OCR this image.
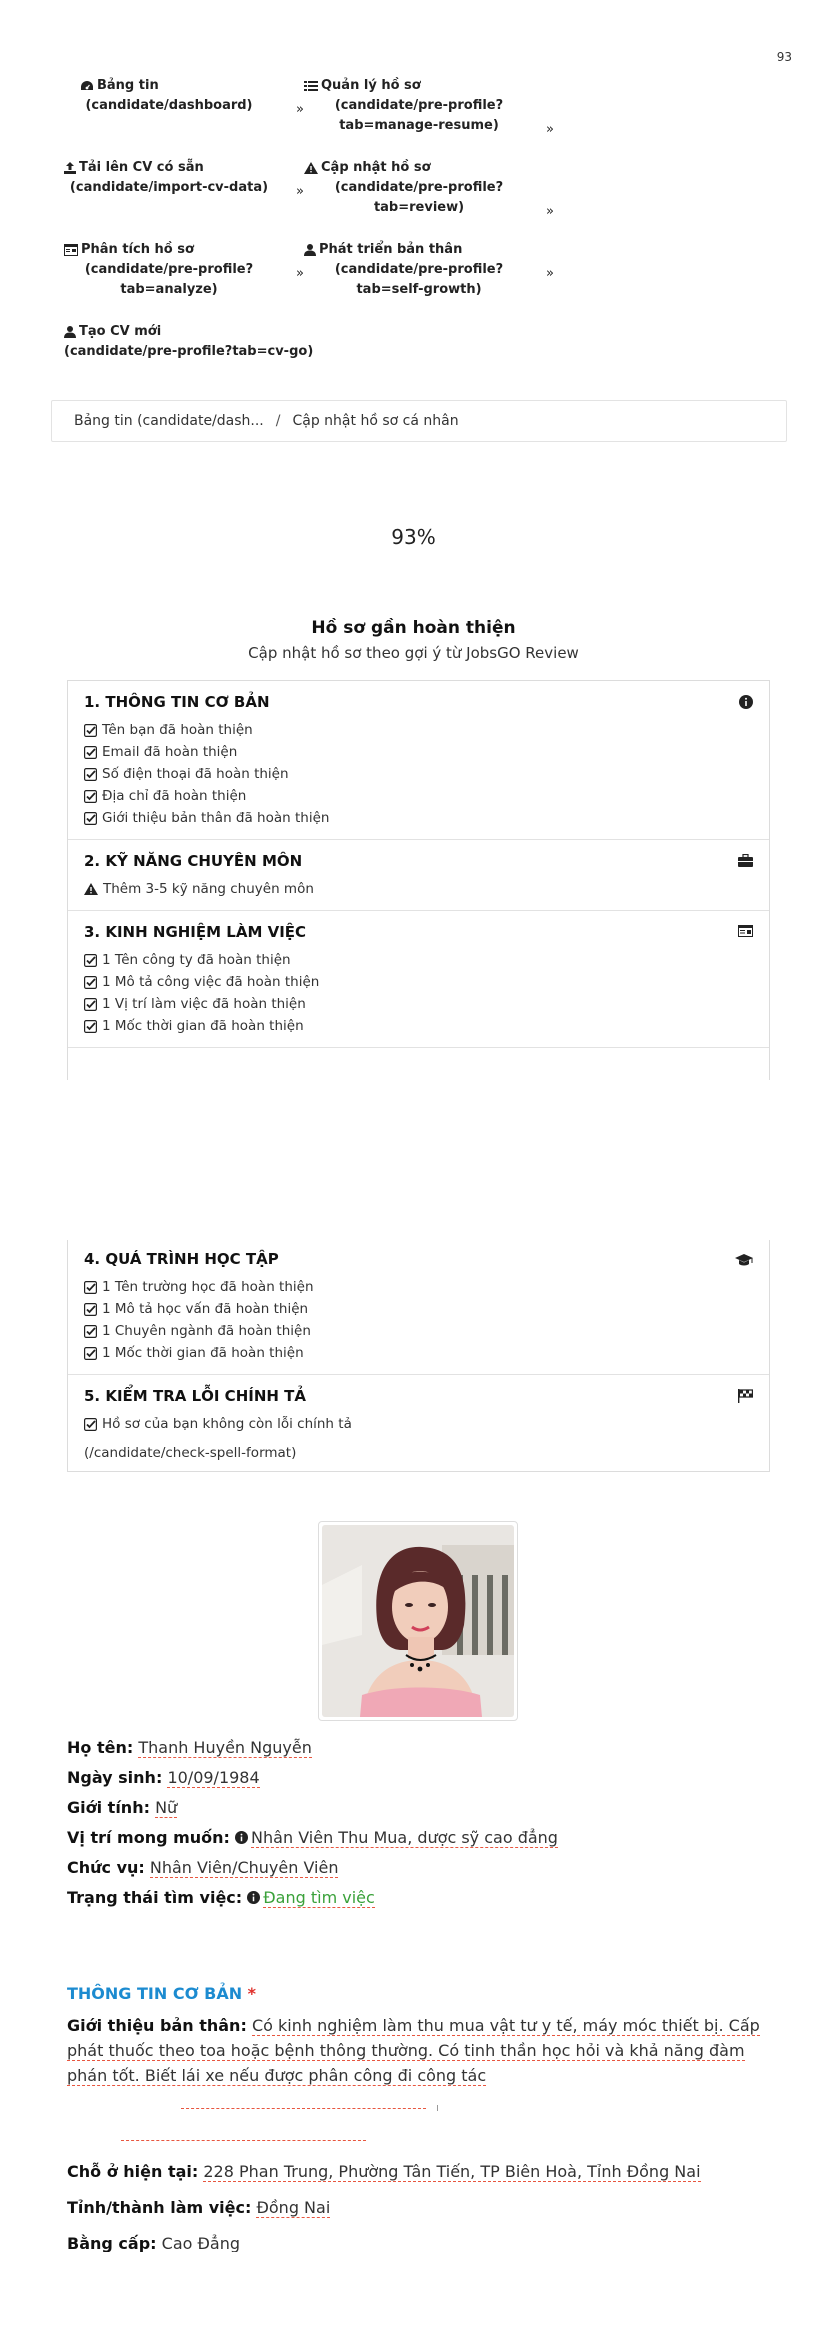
93
Bảng tin
(candidate/dashboard)	»
Quản lý hồ sơ
(candidate/pre-profile?tab=manage-resume)	»
Tải lên CV có sẵn
(candidate/import-cv-data)	»
Cập nhật hồ sơ
(candidate/pre-profile?tab=review)	»
Phân tích hồ sơ
(candidate/pre-profile?tab=analyze)
»
Phát triển bản thân
(candidate/pre-profile?tab=self-growth)
»
Tạo CV mới
(candidate/pre-profile?tab=cv-go)
Bảng tin (candidate/dash... / Cập nhật hồ sơ cá nhân
93%
Hồ sơ gần hoàn thiện
Cập nhật hồ sơ theo gợi ý từ JobsGO Review
1. THÔNG TIN CƠ BẢN
Tên bạn đã hoàn thiện
Email đã hoàn thiện
Số điện thoại đã hoàn thiện
Địa chỉ đã hoàn thiện
Giới thiệu bản thân đã hoàn thiện
2. KỸ NĂNG CHUYÊN MÔN
Thêm 3-5 kỹ năng chuyên môn
3. KINH NGHIỆM LÀM VIỆC
1 Tên công ty đã hoàn thiện
1 Mô tả công việc đã hoàn thiện
1 Vị trí làm việc đã hoàn thiện
1 Mốc thời gian đã hoàn thiện
4. QUÁ TRÌNH HỌC TẬP
1 Tên trường học đã hoàn thiện
1 Mô tả học vấn đã hoàn thiện
1 Chuyên ngành đã hoàn thiện
1 Mốc thời gian đã hoàn thiện
5. KIỂM TRA LỖI CHÍNH TẢ
Hồ sơ của bạn không còn lỗi chính tả
(/candidate/check-spell-format)
Họ tên: Thanh Huyền Nguyễn
Ngày sinh: 10/09/1984
Giới tính: Nữ
Vị trí mong muốn: Nhân Viên Thu Mua, dược sỹ cao đẳng
Chức vụ: Nhân Viên/Chuyên Viên
Trạng thái tìm việc: Đang tìm việc
THÔNG TIN CƠ BẢN *
Giới thiệu bản thân: Có kinh nghiệm làm thu mua vật tư y tế, máy móc thiết bị. Cấp phát thuốc theo toa hoặc bệnh thông thường. Có tinh thần học hỏi và khả năng đàm phán tốt. Biết lái xe nếu được phân công đi công tác
Chỗ ở hiện tại: 228 Phan Trung, Phường Tân Tiến, TP Biên Hoà, Tỉnh Đồng Nai
Tỉnh/thành làm việc: Đồng Nai
Bằng cấp: Cao Đẳng
